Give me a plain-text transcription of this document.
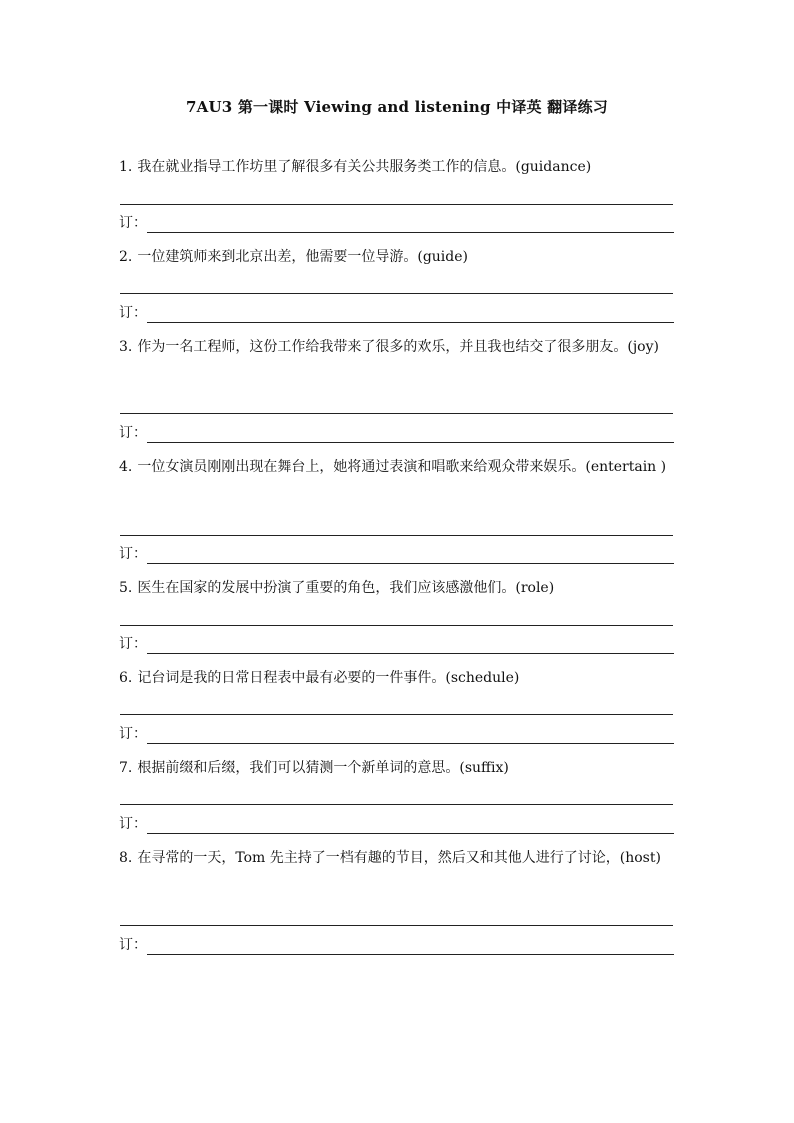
7AU3 第一课时 Viewing and listening 中译英 翻译练习
1. 我在就业指导工作坊里了解很多有关公共服务类工作的信息。(guidance)
订：
2. 一位建筑师来到北京出差，他需要一位导游。(guide)
订：
3. 作为一名工程师，这份工作给我带来了很多的欢乐，并且我也结交了很多朋友。(joy)
订：
4. 一位女演员刚刚出现在舞台上，她将通过表演和唱歌来给观众带来娱乐。(entertain )
订：
5. 医生在国家的发展中扮演了重要的角色，我们应该感激他们。(role)
订：
6. 记台词是我的日常日程表中最有必要的一件事件。(schedule)
订：
7. 根据前缀和后缀，我们可以猜测一个新单词的意思。(suffix)
订：
8. 在寻常的一天，Tom 先主持了一档有趣的节目，然后又和其他人进行了讨论，(host)
订：
